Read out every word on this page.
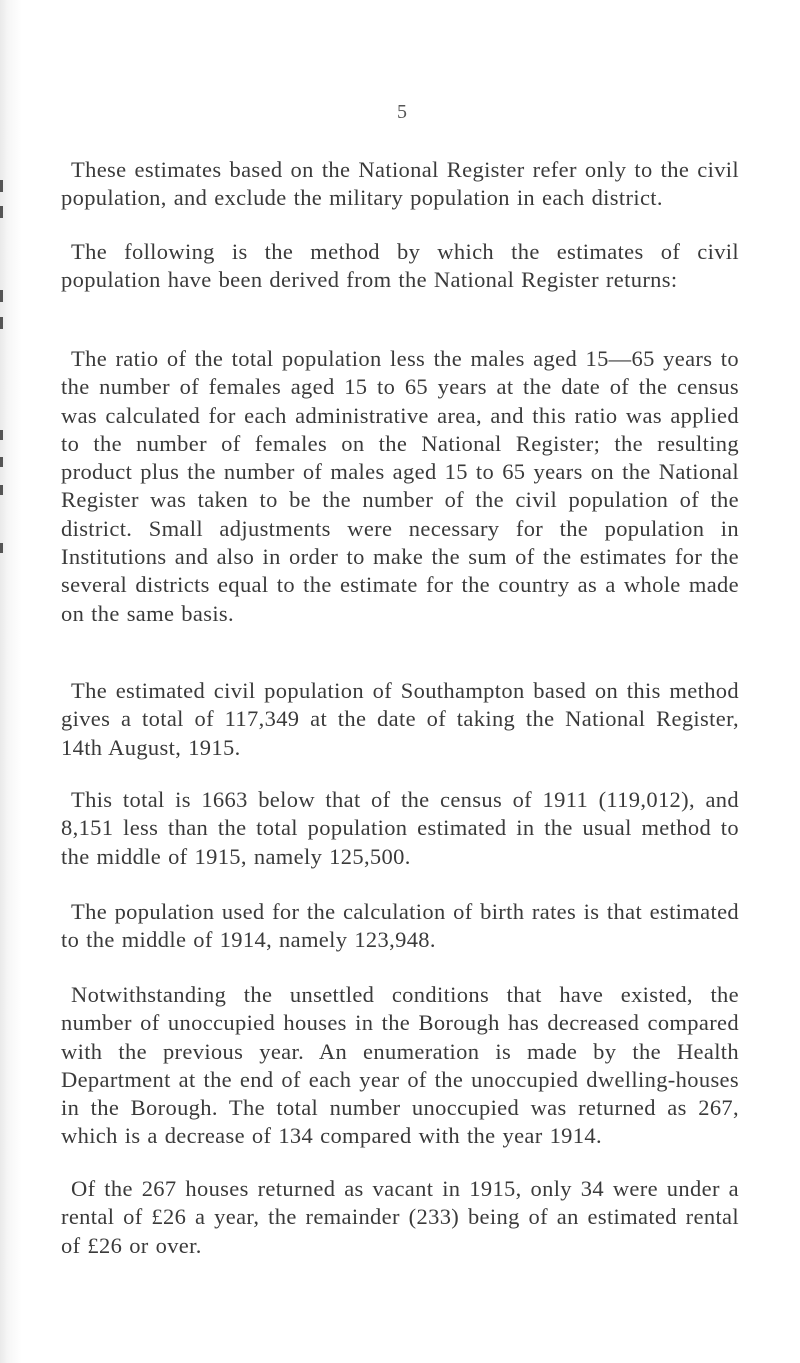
5

These estimates based on the National Register refer only to the civil population, and exclude the military population in each district.

The following is the method by which the estimates of civil population have been derived from the National Register returns:

The ratio of the total population less the males aged 15—65 years to the number of females aged 15 to 65 years at the date of the census was calculated for each administrative area, and this ratio was applied to the number of females on the National Register; the resulting product plus the number of males aged 15 to 65 years on the National Register was taken to be the number of the civil population of the district. Small adjustments were necessary for the population in Institutions and also in order to make the sum of the estimates for the several districts equal to the estimate for the country as a whole made on the same basis.

The estimated civil population of Southampton based on this method gives a total of 117,349 at the date of taking the National Register, 14th August, 1915.

This total is 1663 below that of the census of 1911 (119,012), and 8,151 less than the total population estimated in the usual method to the middle of 1915, namely 125,500.

The population used for the calculation of birth rates is that estimated to the middle of 1914, namely 123,948.

Notwithstanding the unsettled conditions that have existed, the number of unoccupied houses in the Borough has decreased compared with the previous year. An enumeration is made by the Health Department at the end of each year of the unoccupied dwelling-houses in the Borough. The total number unoccupied was returned as 267, which is a decrease of 134 compared with the year 1914.

Of the 267 houses returned as vacant in 1915, only 34 were under a rental of £26 a year, the remainder (233) being of an estimated rental of £26 or over.
